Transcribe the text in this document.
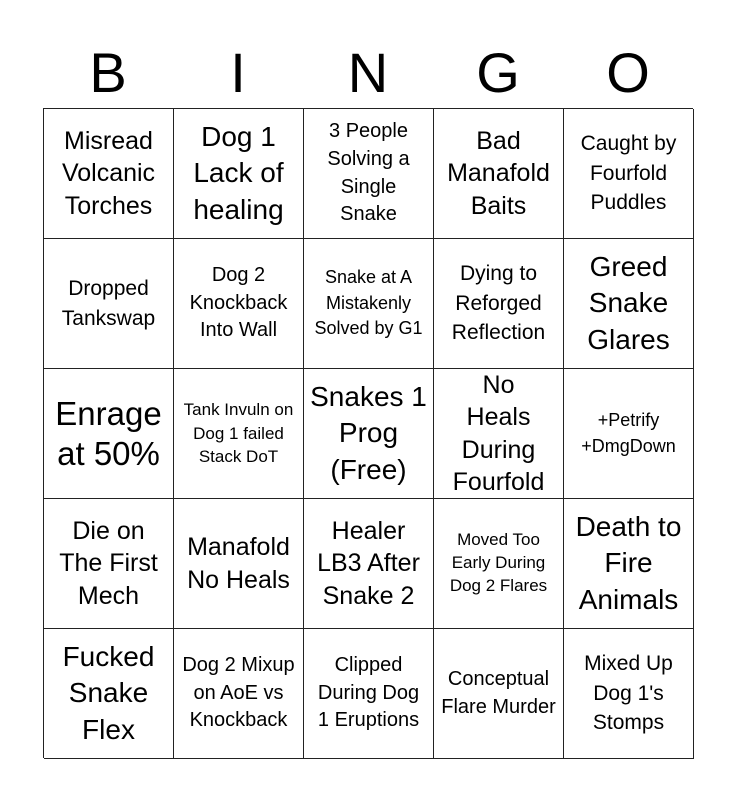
B	I	N	G	O
Misread Volcanic Torches
Dog 1 Lack of healing
3 People Solving a Single Snake
Bad Manafold Baits
Caught by Fourfold Puddles
Dropped Tankswap
Dog 2 Knockback Into Wall
Snake at A Mistakenly Solved by G1
Dying to Reforged Reflection
Greed Snake Glares
Enrage at 50%
Tank Invuln on Dog 1 failed Stack DoT
Snakes 1 Prog (Free)
No Heals During Fourfold
+Petrify +DmgDown
Die on The First Mech
Manafold No Heals
Healer LB3 After Snake 2
Moved Too Early During Dog 2 Flares
Death to Fire Animals
Fucked Snake Flex
Dog 2 Mixup on AoE vs Knockback
Clipped During Dog 1 Eruptions
Conceptual Flare Murder
Mixed Up Dog 1's Stomps
